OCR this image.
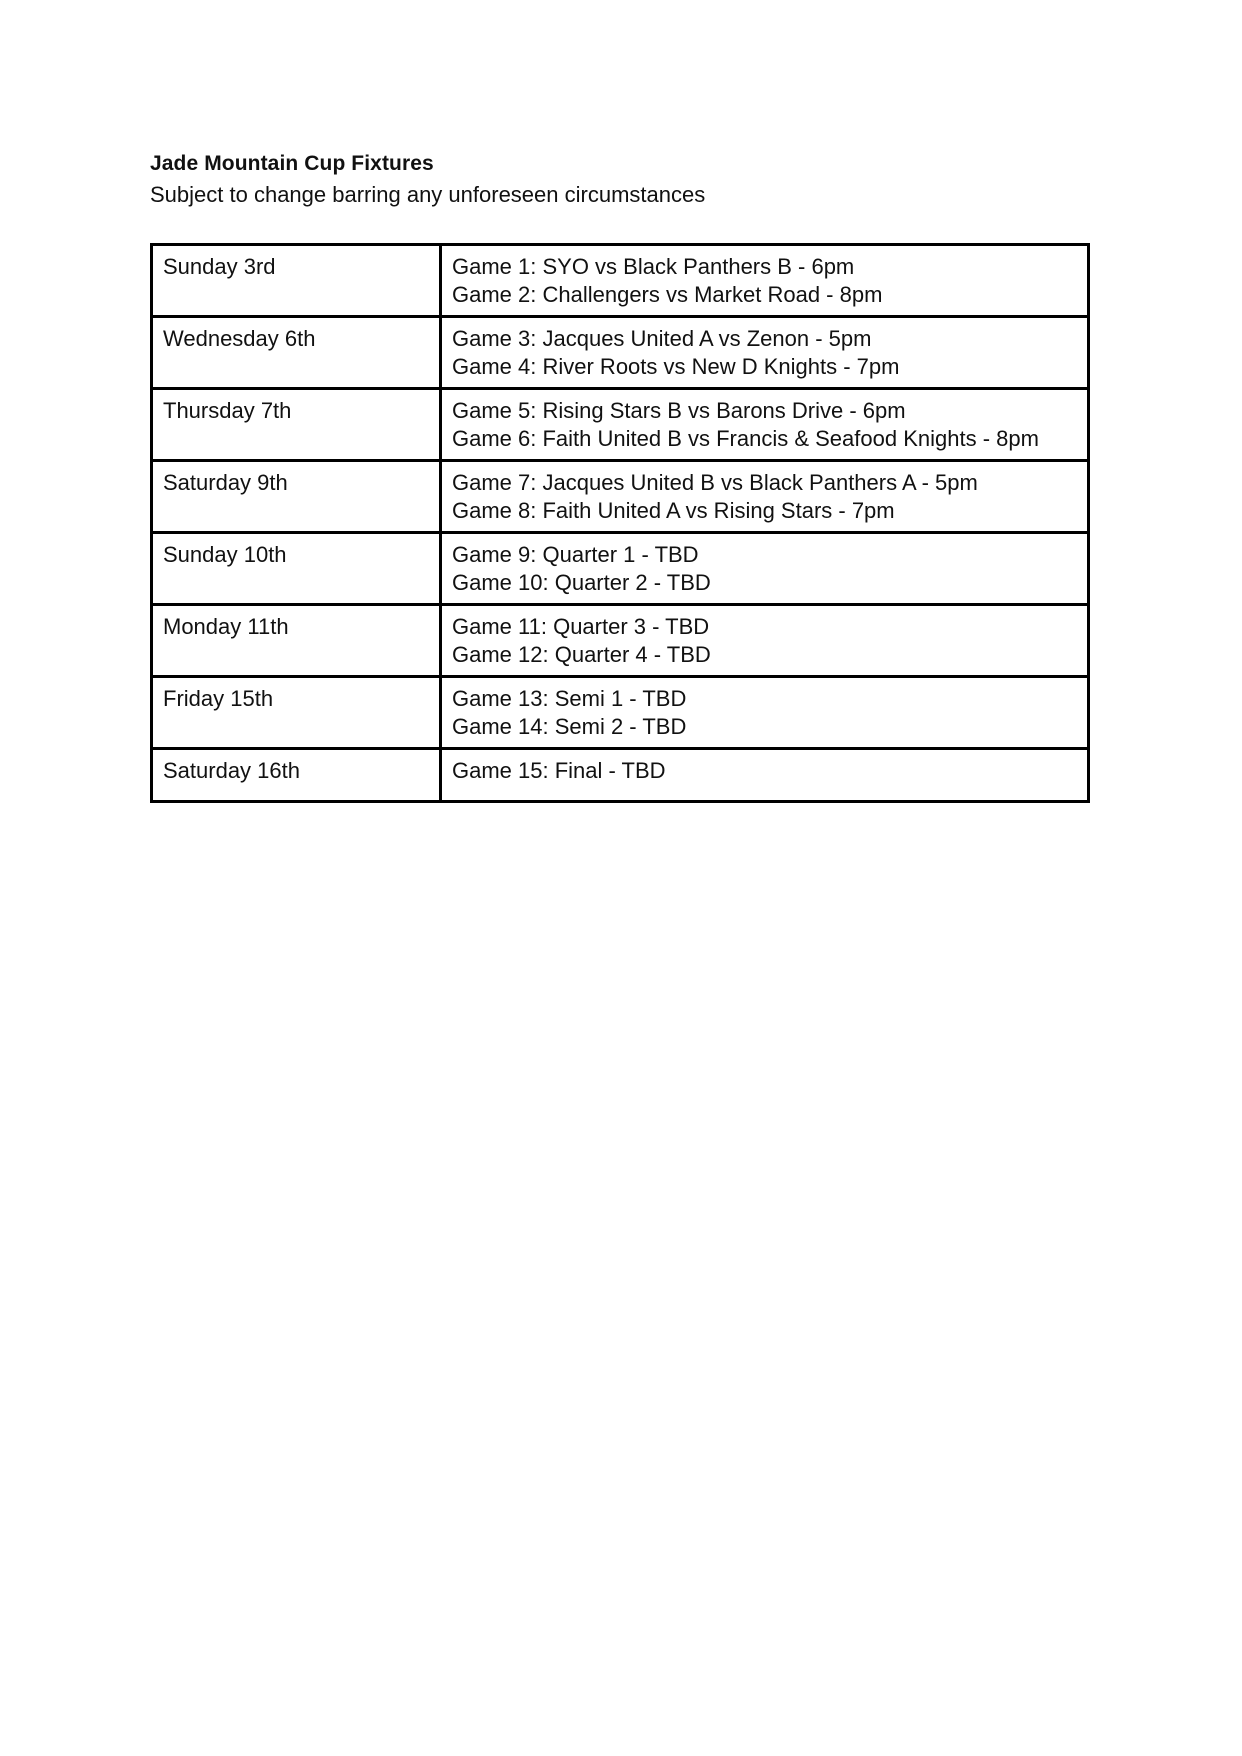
Jade Mountain Cup Fixtures
Subject to change barring any unforeseen circumstances
Sunday 3rd	Game 1: SYO vs Black Panthers B - 6pm
Game 2: Challengers vs Market Road - 8pm

Wednesday 6th	Game 3: Jacques United A vs Zenon - 5pm
Game 4: River Roots vs New D Knights - 7pm

Thursday 7th	Game 5: Rising Stars B vs Barons Drive - 6pm
Game 6: Faith United B vs Francis & Seafood Knights - 8pm

Saturday 9th	Game 7: Jacques United B vs Black Panthers A - 5pm
Game 8: Faith United A vs Rising Stars - 7pm

Sunday 10th	Game 9: Quarter 1 - TBD
Game 10: Quarter 2 - TBD

Monday 11th	Game 11: Quarter 3 - TBD
Game 12: Quarter 4 - TBD

Friday 15th	Game 13: Semi 1 - TBD
Game 14: Semi 2 - TBD

Saturday 16th	Game 15: Final - TBD
